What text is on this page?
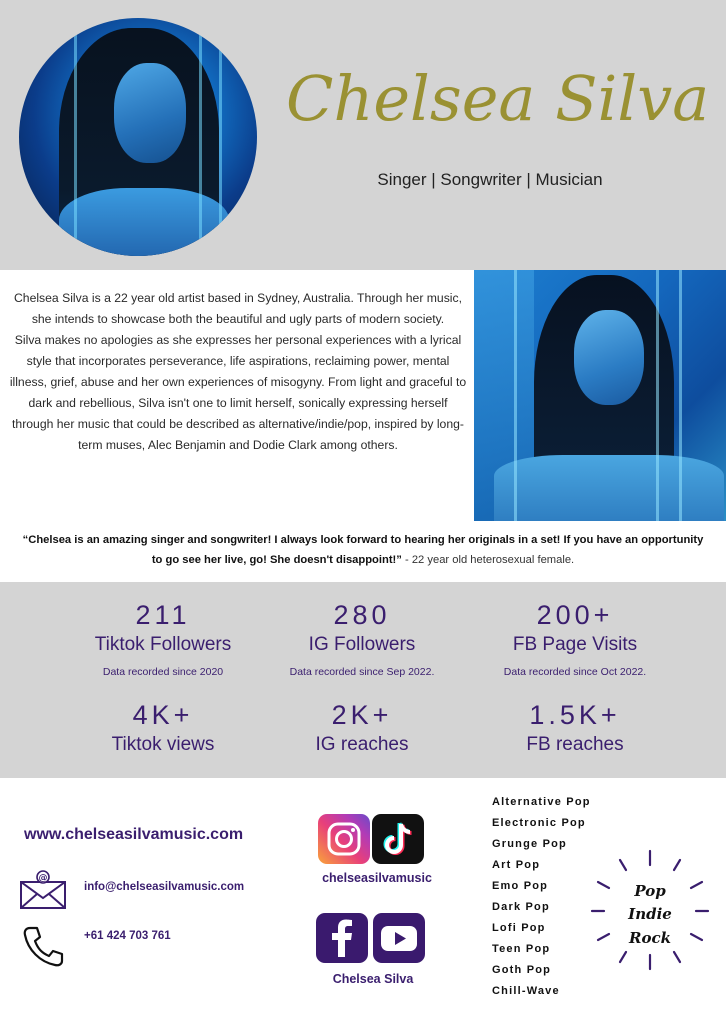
Chelsea Silva
Singer | Songwriter | Musician
Chelsea Silva is a 22 year old artist based in Sydney, Australia. Through her music, she intends to showcase both the beautiful and ugly parts of modern society.
Silva makes no apologies as she expresses her personal experiences with a lyrical style that incorporates perseverance, life aspirations, reclaiming power, mental illness, grief, abuse and her own experiences of misogyny. From light and graceful to dark and rebellious, Silva isn't one to limit herself, sonically expressing herself through her music that could be described as alternative/indie/pop, inspired by long-term muses, Alec Benjamin and Dodie Clark among others.
“Chelsea is an amazing singer and songwriter! I always look forward to hearing her originals in a set! If you have an opportunity to go see her live, go! She doesn't disappoint!” - 22 year old heterosexual female.
211
Tiktok Followers
Data recorded since 2020
280
IG Followers
Data recorded since Sep 2022.
200+
FB Page Visits
Data recorded since Oct 2022.
4K+
Tiktok views
2K+
IG reaches
1.5K+
FB reaches
www.chelseasilvamusic.com
@
info@chelseasilvamusic.com
+61 424 703 761
chelseasilvamusic
Chelsea Silva
Alternative Pop
Electronic Pop
Grunge Pop
Art Pop
Emo Pop
Dark Pop
Lofi Pop
Teen Pop
Goth Pop
Chill-Wave
Pop
Indie
Rock
